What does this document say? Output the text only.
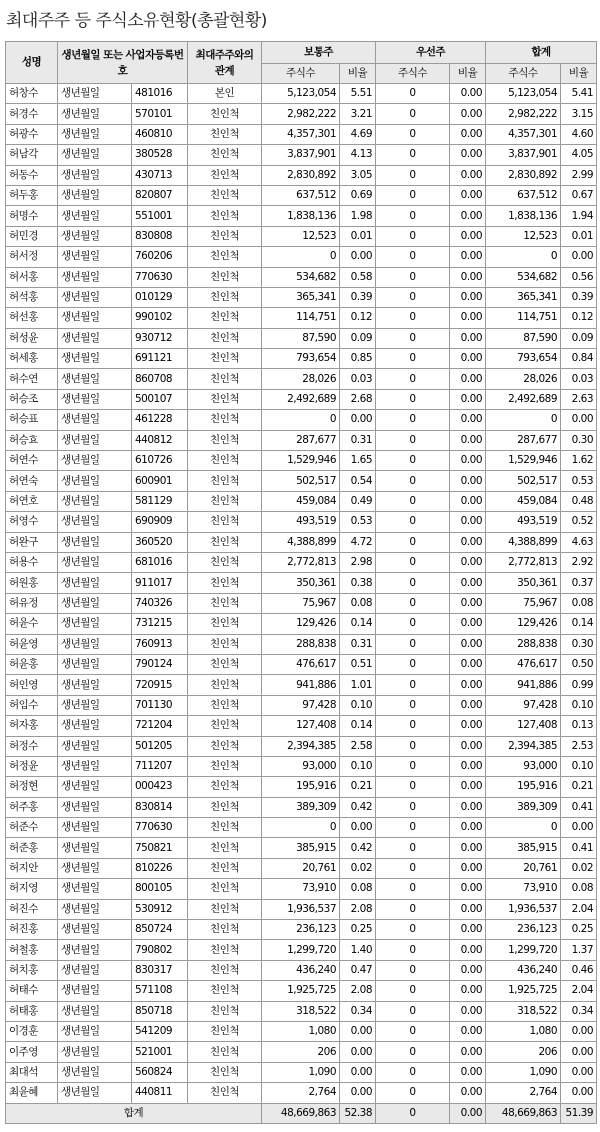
최대주주 등 주식소유현황(총괄현황)
성명	생년월일 또는 사업자등록번호		최대주주와의 관계	보통주		우선주		합계	
				주식수	비율	주식수	비율	주식수	비율
허창수	생년월일	481016	본인	5,123,054	5.51	0	0.00	5,123,054	5.41
허경수	생년월일	570101	친인척	2,982,222	3.21	0	0.00	2,982,222	3.15
허광수	생년월일	460810	친인척	4,357,301	4.69	0	0.00	4,357,301	4.60
허남각	생년월일	380528	친인척	3,837,901	4.13	0	0.00	3,837,901	4.05
허동수	생년월일	430713	친인척	2,830,892	3.05	0	0.00	2,830,892	2.99
허두홍	생년월일	820807	친인척	637,512	0.69	0	0.00	637,512	0.67
허명수	생년월일	551001	친인척	1,838,136	1.98	0	0.00	1,838,136	1.94
허민경	생년월일	830808	친인척	12,523	0.01	0	0.00	12,523	0.01
허서정	생년월일	760206	친인척	0	0.00	0	0.00	0	0.00
허서홍	생년월일	770630	친인척	534,682	0.58	0	0.00	534,682	0.56
허석홍	생년월일	010129	친인척	365,341	0.39	0	0.00	365,341	0.39
허선홍	생년월일	990102	친인척	114,751	0.12	0	0.00	114,751	0.12
허성윤	생년월일	930712	친인척	87,590	0.09	0	0.00	87,590	0.09
허세홍	생년월일	691121	친인척	793,654	0.85	0	0.00	793,654	0.84
허수연	생년월일	860708	친인척	28,026	0.03	0	0.00	28,026	0.03
허승조	생년월일	500107	친인척	2,492,689	2.68	0	0.00	2,492,689	2.63
허승표	생년월일	461228	친인척	0	0.00	0	0.00	0	0.00
허승효	생년월일	440812	친인척	287,677	0.31	0	0.00	287,677	0.30
허연수	생년월일	610726	친인척	1,529,946	1.65	0	0.00	1,529,946	1.62
허연숙	생년월일	600901	친인척	502,517	0.54	0	0.00	502,517	0.53
허연호	생년월일	581129	친인척	459,084	0.49	0	0.00	459,084	0.48
허영수	생년월일	690909	친인척	493,519	0.53	0	0.00	493,519	0.52
허완구	생년월일	360520	친인척	4,388,899	4.72	0	0.00	4,388,899	4.63
허용수	생년월일	681016	친인척	2,772,813	2.98	0	0.00	2,772,813	2.92
허원홍	생년월일	911017	친인척	350,361	0.38	0	0.00	350,361	0.37
허유정	생년월일	740326	친인척	75,967	0.08	0	0.00	75,967	0.08
허윤수	생년월일	731215	친인척	129,426	0.14	0	0.00	129,426	0.14
허윤영	생년월일	760913	친인척	288,838	0.31	0	0.00	288,838	0.30
허윤홍	생년월일	790124	친인척	476,617	0.51	0	0.00	476,617	0.50
허인영	생년월일	720915	친인척	941,886	1.01	0	0.00	941,886	0.99
허임수	생년월일	701130	친인척	97,428	0.10	0	0.00	97,428	0.10
허자홍	생년월일	721204	친인척	127,408	0.14	0	0.00	127,408	0.13
허정수	생년월일	501205	친인척	2,394,385	2.58	0	0.00	2,394,385	2.53
허정윤	생년월일	711207	친인척	93,000	0.10	0	0.00	93,000	0.10
허정현	생년월일	000423	친인척	195,916	0.21	0	0.00	195,916	0.21
허주홍	생년월일	830814	친인척	389,309	0.42	0	0.00	389,309	0.41
허준수	생년월일	770630	친인척	0	0.00	0	0.00	0	0.00
허준홍	생년월일	750821	친인척	385,915	0.42	0	0.00	385,915	0.41
허지안	생년월일	810226	친인척	20,761	0.02	0	0.00	20,761	0.02
허지영	생년월일	800105	친인척	73,910	0.08	0	0.00	73,910	0.08
허진수	생년월일	530912	친인척	1,936,537	2.08	0	0.00	1,936,537	2.04
허진홍	생년월일	850724	친인척	236,123	0.25	0	0.00	236,123	0.25
허철홍	생년월일	790802	친인척	1,299,720	1.40	0	0.00	1,299,720	1.37
허치홍	생년월일	830317	친인척	436,240	0.47	0	0.00	436,240	0.46
허태수	생년월일	571108	친인척	1,925,725	2.08	0	0.00	1,925,725	2.04
허태홍	생년월일	850718	친인척	318,522	0.34	0	0.00	318,522	0.34
이경훈	생년월일	541209	친인척	1,080	0.00	0	0.00	1,080	0.00
이주영	생년월일	521001	친인척	206	0.00	0	0.00	206	0.00
최대석	생년월일	560824	친인척	1,090	0.00	0	0.00	1,090	0.00
최윤혜	생년월일	440811	친인척	2,764	0.00	0	0.00	2,764	0.00
합계				48,669,863	52.38	0	0.00	48,669,863	51.39
